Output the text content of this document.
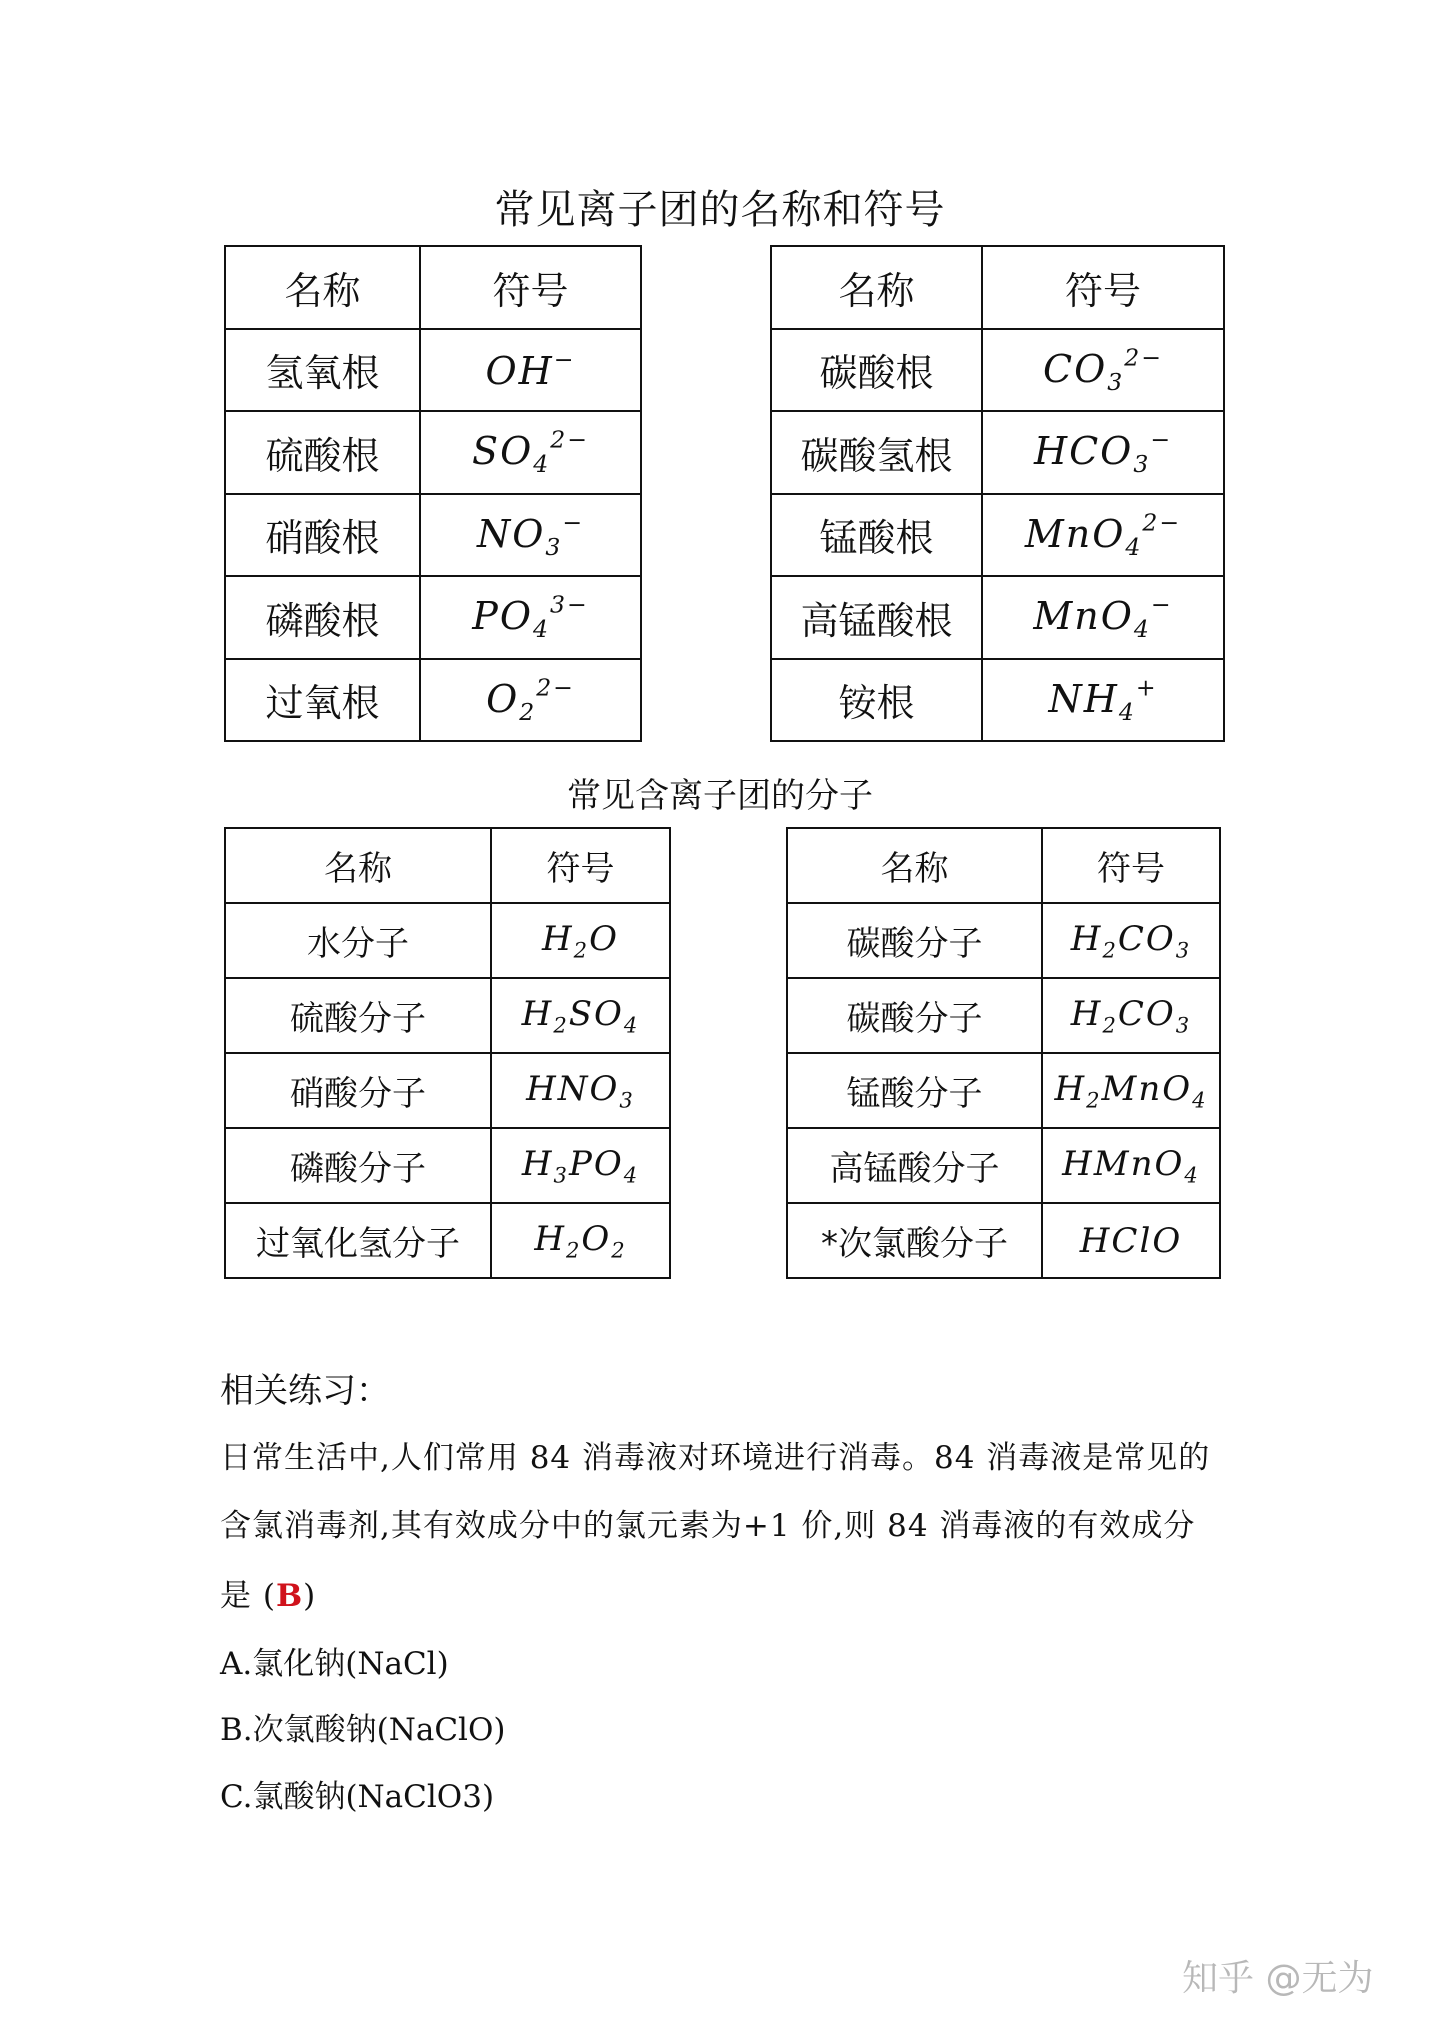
常见离子团的名称和符号
名称	符号		名称	符号
氢氧根	OH−		碳酸根	$CO_3^{2-}$
硫酸根	$SO_4^{2-}$		碳酸氢根	$HCO_3^-$
硝酸根	$NO_3^-$		锰酸根	MnO$_4^{2-}$
磷酸根	$PO_4^{3-}$		高锰酸根	MnO$_4$−
过氧根	$O_2^{2-}$		铵根	$NH_4^+$
常见含离子团的分子
名称	符号		名称	符号
水分子	$H_2O$		碳酸分子	$H_2CO_3$
硫酸分子	$H_2SO_4$		碳酸分子	$H_2CO_3$
硝酸分子	$HNO_3$		锰酸分子	$H_2MnO_4$
磷酸分子	$H_3PO_4$		高锰酸分子	HMnO$_4$
过氧化氢分子	$H_2O_2$		*次氯酸分子	HClO
相关练习：
日常生活中,人们常用 84 消毒液对环境进行消毒。84 消毒液是常见的
含氯消毒剂,其有效成分中的氯元素为+1 价,则 84 消毒液的有效成分
是 (B)
A.氯化钠(NaCl)
B.次氯酸钠(NaClO)
C.氯酸钠(NaClO3)
知乎 @无为
